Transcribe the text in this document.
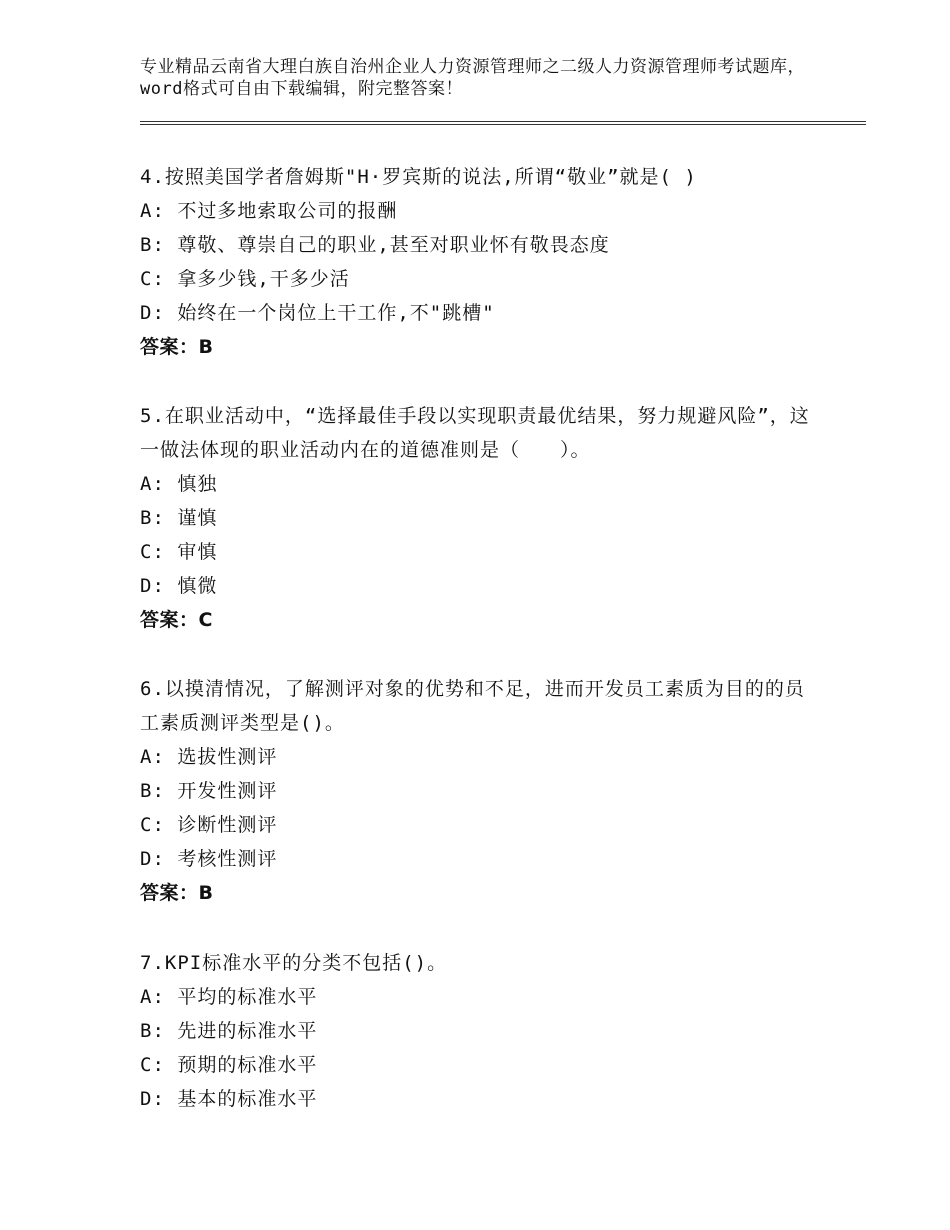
专业精品云南省大理白族自治州企业人力资源管理师之二级人力资源管理师考试题库，word格式可自由下载编辑，附完整答案！
4.按照美国学者詹姆斯"H·罗宾斯的说法,所谓“敬业”就是( )
A: 不过多地索取公司的报酬
B: 尊敬、尊崇自己的职业,甚至对职业怀有敬畏态度
C: 拿多少钱,干多少活
D: 始终在一个岗位上干工作,不"跳槽"
答案：B
5.在职业活动中，“选择最佳手段以实现职责最优结果，努力规避风险”，这一做法体现的职业活动内在的道德准则是（　　）。
A: 慎独
B: 谨慎
C: 审慎
D: 慎微
答案：C
6.以摸清情况，了解测评对象的优势和不足，进而开发员工素质为目的的员工素质测评类型是()。
A: 选拔性测评
B: 开发性测评
C: 诊断性测评
D: 考核性测评
答案：B
7.KPI标准水平的分类不包括()。
A: 平均的标准水平
B: 先进的标准水平
C: 预期的标准水平
D: 基本的标准水平
